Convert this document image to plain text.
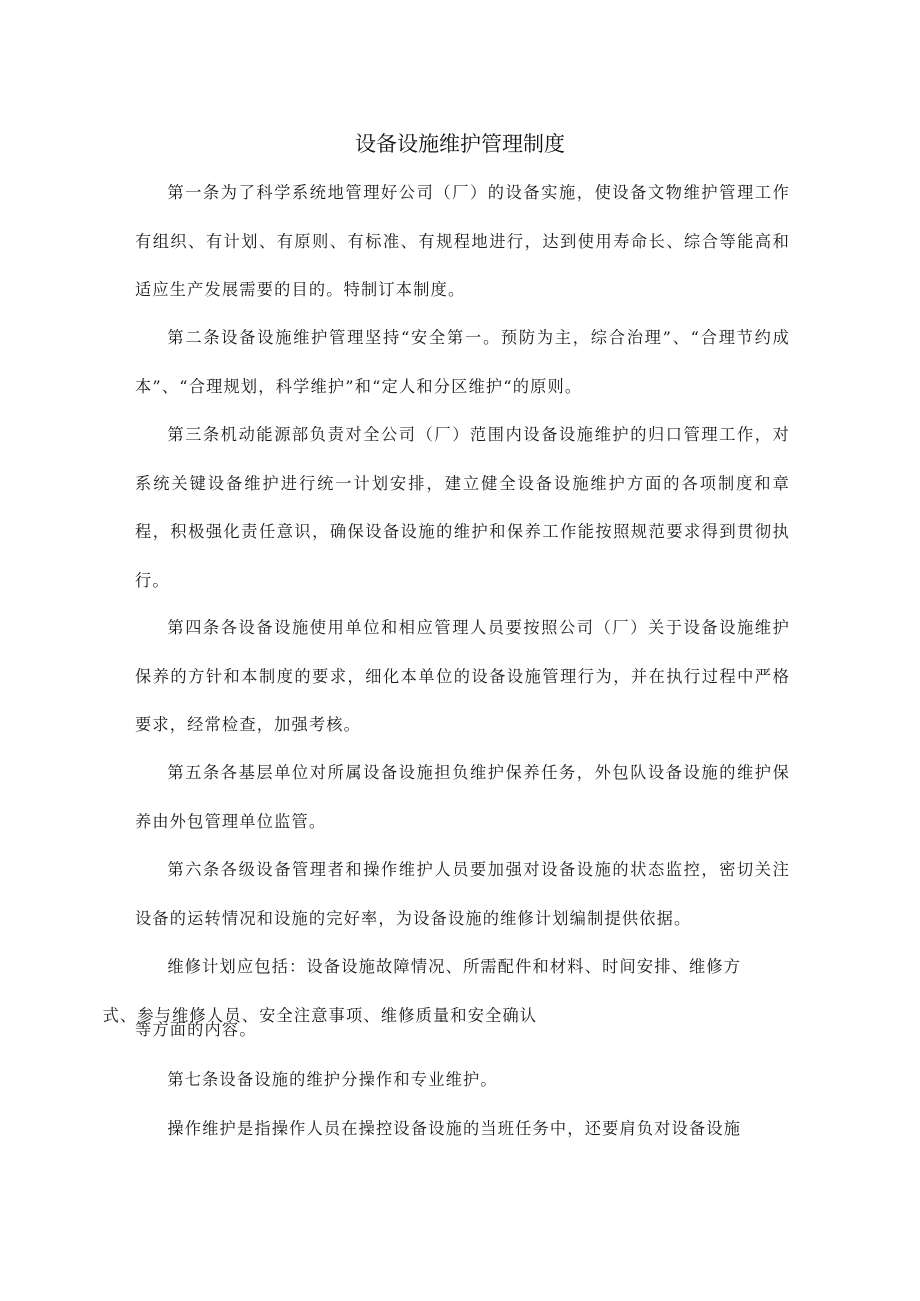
设备设施维护管理制度

第一条为了科学系统地管理好公司（厂）的设备实施，使设备文物维护管理工作有组织、有计划、有原则、有标准、有规程地进行，达到使用寿命长、综合等能高和适应生产发展需要的目的。特制订本制度。

第二条设备设施维护管理坚持“安全第一。预防为主，综合治理”、“合理节约成本”、“合理规划，科学维护”和“定人和分区维护“的原则。

第三条机动能源部负责对全公司（厂）范围内设备设施维护的归口管理工作，对系统关键设备维护进行统一计划安排，建立健全设备设施维护方面的各项制度和章程，积极强化责任意识，确保设备设施的维护和保养工作能按照规范要求得到贯彻执行。

第四条各设备设施使用单位和相应管理人员要按照公司（厂）关于设备设施维护保养的方针和本制度的要求，细化本单位的设备设施管理行为，并在执行过程中严格要求，经常检查，加强考核。

第五条各基层单位对所属设备设施担负维护保养任务，外包队设备设施的维护保养由外包管理单位监管。

第六条各级设备管理者和操作维护人员要加强对设备设施的状态监控，密切关注设备的运转情况和设施的完好率，为设备设施的维修计划编制提供依据。

维修计划应包括：设备设施故障情况、所需配件和材料、时间安排、维修方
式、参与维修人员、安全注意事项、维修质量和安全确认

等方面的内容。

第七条设备设施的维护分操作和专业维护。

操作维护是指操作人员在操控设备设施的当班任务中，还要肩负对设备设施
